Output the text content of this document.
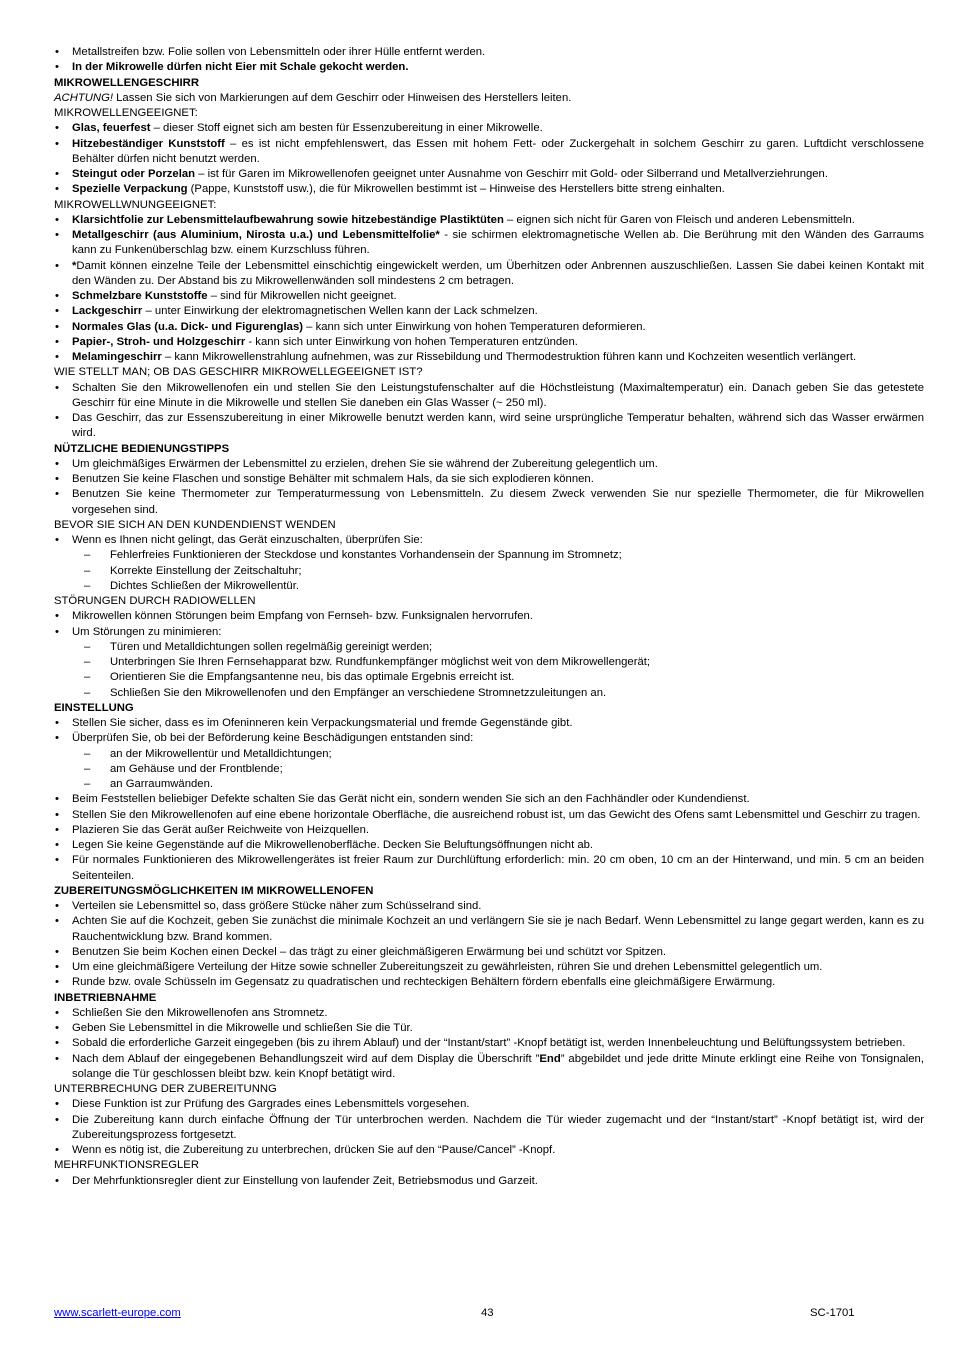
• Metallstreifen bzw. Folie sollen von Lebensmitteln oder ihrer Hülle entfernt werden.
• In der Mikrowelle dürfen nicht Eier mit Schale gekocht werden.

MIKROWELLENGESCHIRR

ACHTUNG! Lassen Sie sich von Markierungen auf dem Geschirr oder Hinweisen des Herstellers leiten.

MIKROWELLENGEEIGNET:

• Glas, feuerfest – dieser Stoff eignet sich am besten für Essenzubereitung in einer Mikrowelle.
• Hitzebeständiger Kunststoff – es ist nicht empfehlenswert, das Essen mit hohem Fett- oder Zuckergehalt in solchem Geschirr zu garen. Luftdicht verschlossene Behälter dürfen nicht benutzt werden.
• Steingut oder Porzelan – ist für Garen im Mikrowellenofen geeignet unter Ausnahme von Geschirr mit Gold- oder Silberrand und Metallverziehrungen.
• Spezielle Verpackung (Pappe, Kunststoff usw.), die für Mikrowellen bestimmt ist – Hinweise des Herstellers bitte streng einhalten.

MIKROWELLWNUNGEEIGNET:

• Klarsichtfolie zur Lebensmittelaufbewahrung sowie hitzebeständige Plastiktüten – eignen sich nicht für Garen von Fleisch und anderen Lebensmitteln.
• Metallgeschirr (aus Aluminium, Nirosta u.a.) und Lebensmittelfolie* - sie schirmen elektromagnetische Wellen ab. Die Berührung mit den Wänden des Garraums kann zu Funkenüberschlag bzw. einem Kurzschluss führen.
• *Damit können einzelne Teile der Lebensmittel einschichtig eingewickelt werden, um Überhitzen oder Anbrennen auszuschließen. Lassen Sie dabei keinen Kontakt mit den Wänden zu. Der Abstand bis zu Mikrowellenwänden soll mindestens 2 cm betragen.
• Schmelzbare Kunststoffe – sind für Mikrowellen nicht geeignet.
• Lackgeschirr – unter Einwirkung der elektromagnetischen Wellen kann der Lack schmelzen.
• Normales Glas (u.a. Dick- und Figurenglas) – kann sich unter Einwirkung von hohen Temperaturen deformieren.
• Papier-, Stroh- und Holzgeschirr - kann sich unter Einwirkung von hohen Temperaturen entzünden.
• Melamingeschirr – kann Mikrowellenstrahlung aufnehmen, was zur Rissebildung und Thermodestruktion führen kann und Kochzeiten wesentlich verlängert.

WIE STELLT MAN; OB DAS GESCHIRR MIKROWELLEGEEIGNET IST?

• Schalten Sie den Mikrowellenofen ein und stellen Sie den Leistungstufenschalter auf die Höchstleistung (Maximaltemperatur) ein. Danach geben Sie das getestete Geschirr für eine Minute in die Mikrowelle und stellen Sie daneben ein Glas Wasser (~ 250 ml).
• Das Geschirr, das zur Essenszubereitung in einer Mikrowelle benutzt werden kann, wird seine ursprüngliche Temperatur behalten, während sich das Wasser erwärmen wird.

NÜTZLICHE BEDIENUNGSTIPPS

• Um gleichmäßiges Erwärmen der Lebensmittel zu erzielen, drehen Sie sie während der Zubereitung gelegentlich um.
• Benutzen Sie keine Flaschen und sonstige Behälter mit schmalem Hals, da sie sich explodieren können.
• Benutzen Sie keine Thermometer zur Temperaturmessung von Lebensmitteln. Zu diesem Zweck verwenden Sie nur spezielle Thermometer, die für Mikrowellen vorgesehen sind.

BEVOR SIE SICH AN DEN KUNDENDIENST WENDEN

• Wenn es Ihnen nicht gelingt, das Gerät einzuschalten, überprüfen Sie:
– Fehlerfreies Funktionieren der Steckdose und konstantes Vorhandensein der Spannung im Stromnetz;
– Korrekte Einstellung der Zeitschaltuhr;
– Dichtes Schließen der Mikrowellentür.

STÖRUNGEN DURCH RADIOWELLEN

• Mikrowellen können Störungen beim Empfang von Fernseh- bzw. Funksignalen hervorrufen.
• Um Störungen zu minimieren:
– Türen und Metalldichtungen sollen regelmäßig gereinigt werden;
– Unterbringen Sie Ihren Fernsehapparat bzw. Rundfunkempfänger möglichst weit von dem Mikrowellengerät;
– Orientieren Sie die Empfangsantenne neu, bis das optimale Ergebnis erreicht ist.
– Schließen Sie den Mikrowellenofen und den Empfänger an verschiedene Stromnetzzuleitungen an.

EINSTELLUNG

• Stellen Sie sicher, dass es im Ofeninneren kein Verpackungsmaterial und fremde Gegenstände gibt.
• Überprüfen Sie, ob bei der Beförderung keine Beschädigungen entstanden sind:
– an der Mikrowellentür und Metalldichtungen;
– am Gehäuse und der Frontblende;
– an Garraumwänden.
• Beim Feststellen beliebiger Defekte schalten Sie das Gerät nicht ein, sondern wenden Sie sich an den Fachhändler oder Kundendienst.
• Stellen Sie den Mikrowellenofen auf eine ebene horizontale Oberfläche, die ausreichend robust ist, um das Gewicht des Ofens samt Lebensmittel und Geschirr zu tragen.
• Plazieren Sie das Gerät außer Reichweite von Heizquellen.
• Legen Sie keine Gegenstände auf die Mikrowellenoberfläche. Decken Sie Beluftungsöffnungen nicht ab.
• Für normales Funktionieren des Mikrowellengerätes ist freier Raum zur Durchlüftung erforderlich: min. 20 cm oben, 10 cm an der Hinterwand, und min. 5 cm an beiden Seitenteilen.

ZUBEREITUNGSMÖGLICHKEITEN IM MIKROWELLENOFEN

• Verteilen sie Lebensmittel so, dass größere Stücke näher zum Schüsselrand sind.
• Achten Sie auf die Kochzeit, geben Sie zunächst die minimale Kochzeit an und verlängern Sie sie je nach Bedarf. Wenn Lebensmittel zu lange gegart werden, kann es zu Rauchentwicklung bzw. Brand kommen.
• Benutzen Sie beim Kochen einen Deckel – das trägt zu einer gleichmäßigeren Erwärmung bei und schützt vor Spitzen.
• Um eine gleichmäßigere Verteilung der Hitze sowie schneller Zubereitungszeit zu gewährleisten, rühren Sie und drehen Lebensmittel gelegentlich um.
• Runde bzw. ovale Schüsseln im Gegensatz zu quadratischen und rechteckigen Behältern fördern ebenfalls eine gleichmäßigere Erwärmung.

INBETRIEBNAHME

• Schließen Sie den Mikrowellenofen ans Stromnetz.
• Geben Sie Lebensmittel in die Mikrowelle und schließen Sie die Tür.
• Sobald die erforderliche Garzeit eingegeben (bis zu ihrem Ablauf) und der “Instant/start” -Knopf betätigt ist, werden Innenbeleuchtung und Belüftungssystem betrieben.
• Nach dem Ablauf der eingegebenen Behandlungszeit wird auf dem Display die Überschrift ”End” abgebildet und jede dritte Minute erklingt eine Reihe von Tonsignalen, solange die Tür geschlossen bleibt bzw. kein Knopf betätigt wird.

UNTERBRECHUNG DER ZUBEREITUNNG

• Diese Funktion ist zur Prüfung des Gargrades eines Lebensmittels vorgesehen.
• Die Zubereitung kann durch einfache Öffnung der Tür unterbrochen werden. Nachdem die Tür wieder zugemacht und der “Instant/start” -Knopf betätigt ist, wird der Zubereitungsprozess fortgesetzt.
• Wenn es nötig ist, die Zubereitung zu unterbrechen, drücken Sie auf den “Pause/Cancel” -Knopf.

MEHRFUNKTIONSREGLER

• Der Mehrfunktionsregler dient zur Einstellung von laufender Zeit, Betriebsmodus und Garzeit.
www.scarlett-europe.com	43	SC-1701
